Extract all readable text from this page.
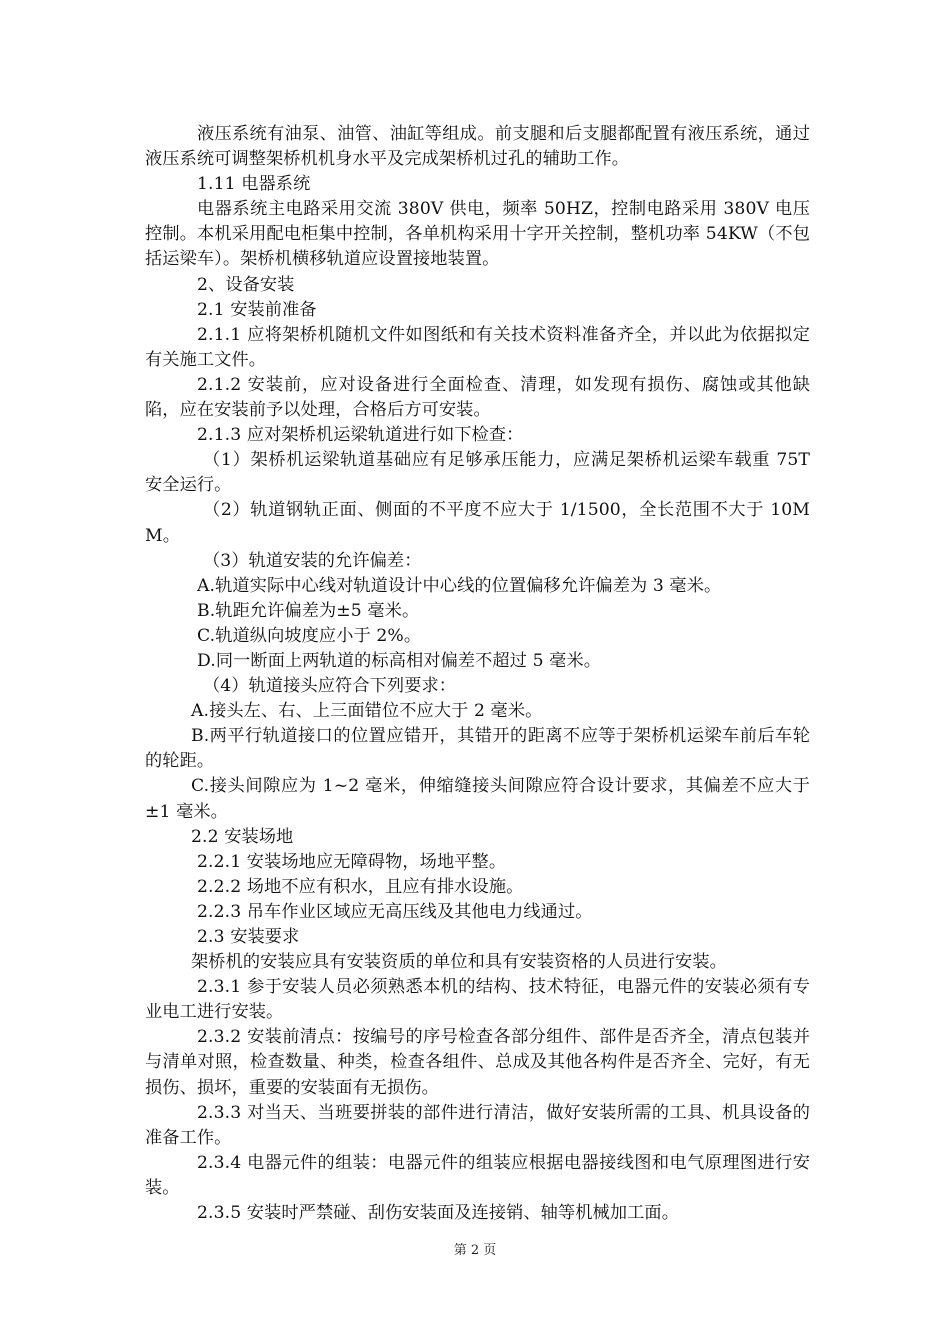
液压系统有油泵、油管、油缸等组成。前支腿和后支腿都配置有液压系统，通过液压系统可调整架桥机机身水平及完成架桥机过孔的辅助工作。

1.11 电器系统

电器系统主电路采用交流 380V 供电，频率 50HZ，控制电路采用 380V 电压控制。本机采用配电柜集中控制，各单机构采用十字开关控制，整机功率 54KW（不包括运梁车）。架桥机横移轨道应设置接地装置。

2、设备安装

2.1 安装前准备

2.1.1 应将架桥机随机文件如图纸和有关技术资料准备齐全，并以此为依据拟定有关施工文件。

2.1.2 安装前，应对设备进行全面检查、清理，如发现有损伤、腐蚀或其他缺陷，应在安装前予以处理，合格后方可安装。

2.1.3 应对架桥机运梁轨道进行如下检查：

（1）架桥机运梁轨道基础应有足够承压能力，应满足架桥机运梁车载重 75T 安全运行。

（2）轨道钢轨正面、侧面的不平度不应大于 1/1500，全长范围不大于 10MM。

（3）轨道安装的允许偏差：

A.轨道实际中心线对轨道设计中心线的位置偏移允许偏差为 3 毫米。

B.轨距允许偏差为±5 毫米。

C.轨道纵向坡度应小于 2%。

D.同一断面上两轨道的标高相对偏差不超过 5 毫米。

（4）轨道接头应符合下列要求：

A.接头左、右、上三面错位不应大于 2 毫米。

B.两平行轨道接口的位置应错开，其错开的距离不应等于架桥机运梁车前后车轮的轮距。

C.接头间隙应为 1~2 毫米，伸缩缝接头间隙应符合设计要求，其偏差不应大于±1 毫米。

2.2 安装场地

2.2.1 安装场地应无障碍物，场地平整。

2.2.2 场地不应有积水，且应有排水设施。

2.2.3 吊车作业区域应无高压线及其他电力线通过。

2.3 安装要求

架桥机的安装应具有安装资质的单位和具有安装资格的人员进行安装。

2.3.1 参于安装人员必须熟悉本机的结构、技术特征，电器元件的安装必须有专业电工进行安装。

2.3.2 安装前清点：按编号的序号检查各部分组件、部件是否齐全，清点包装并与清单对照，检查数量、种类，检查各组件、总成及其他各构件是否齐全、完好，有无损伤、损坏，重要的安装面有无损伤。

2.3.3 对当天、当班要拼装的部件进行清洁，做好安装所需的工具、机具设备的准备工作。

2.3.4 电器元件的组装：电器元件的组装应根据电器接线图和电气原理图进行安装。

2.3.5 安装时严禁碰、刮伤安装面及连接销、轴等机械加工面。

第 2 页
